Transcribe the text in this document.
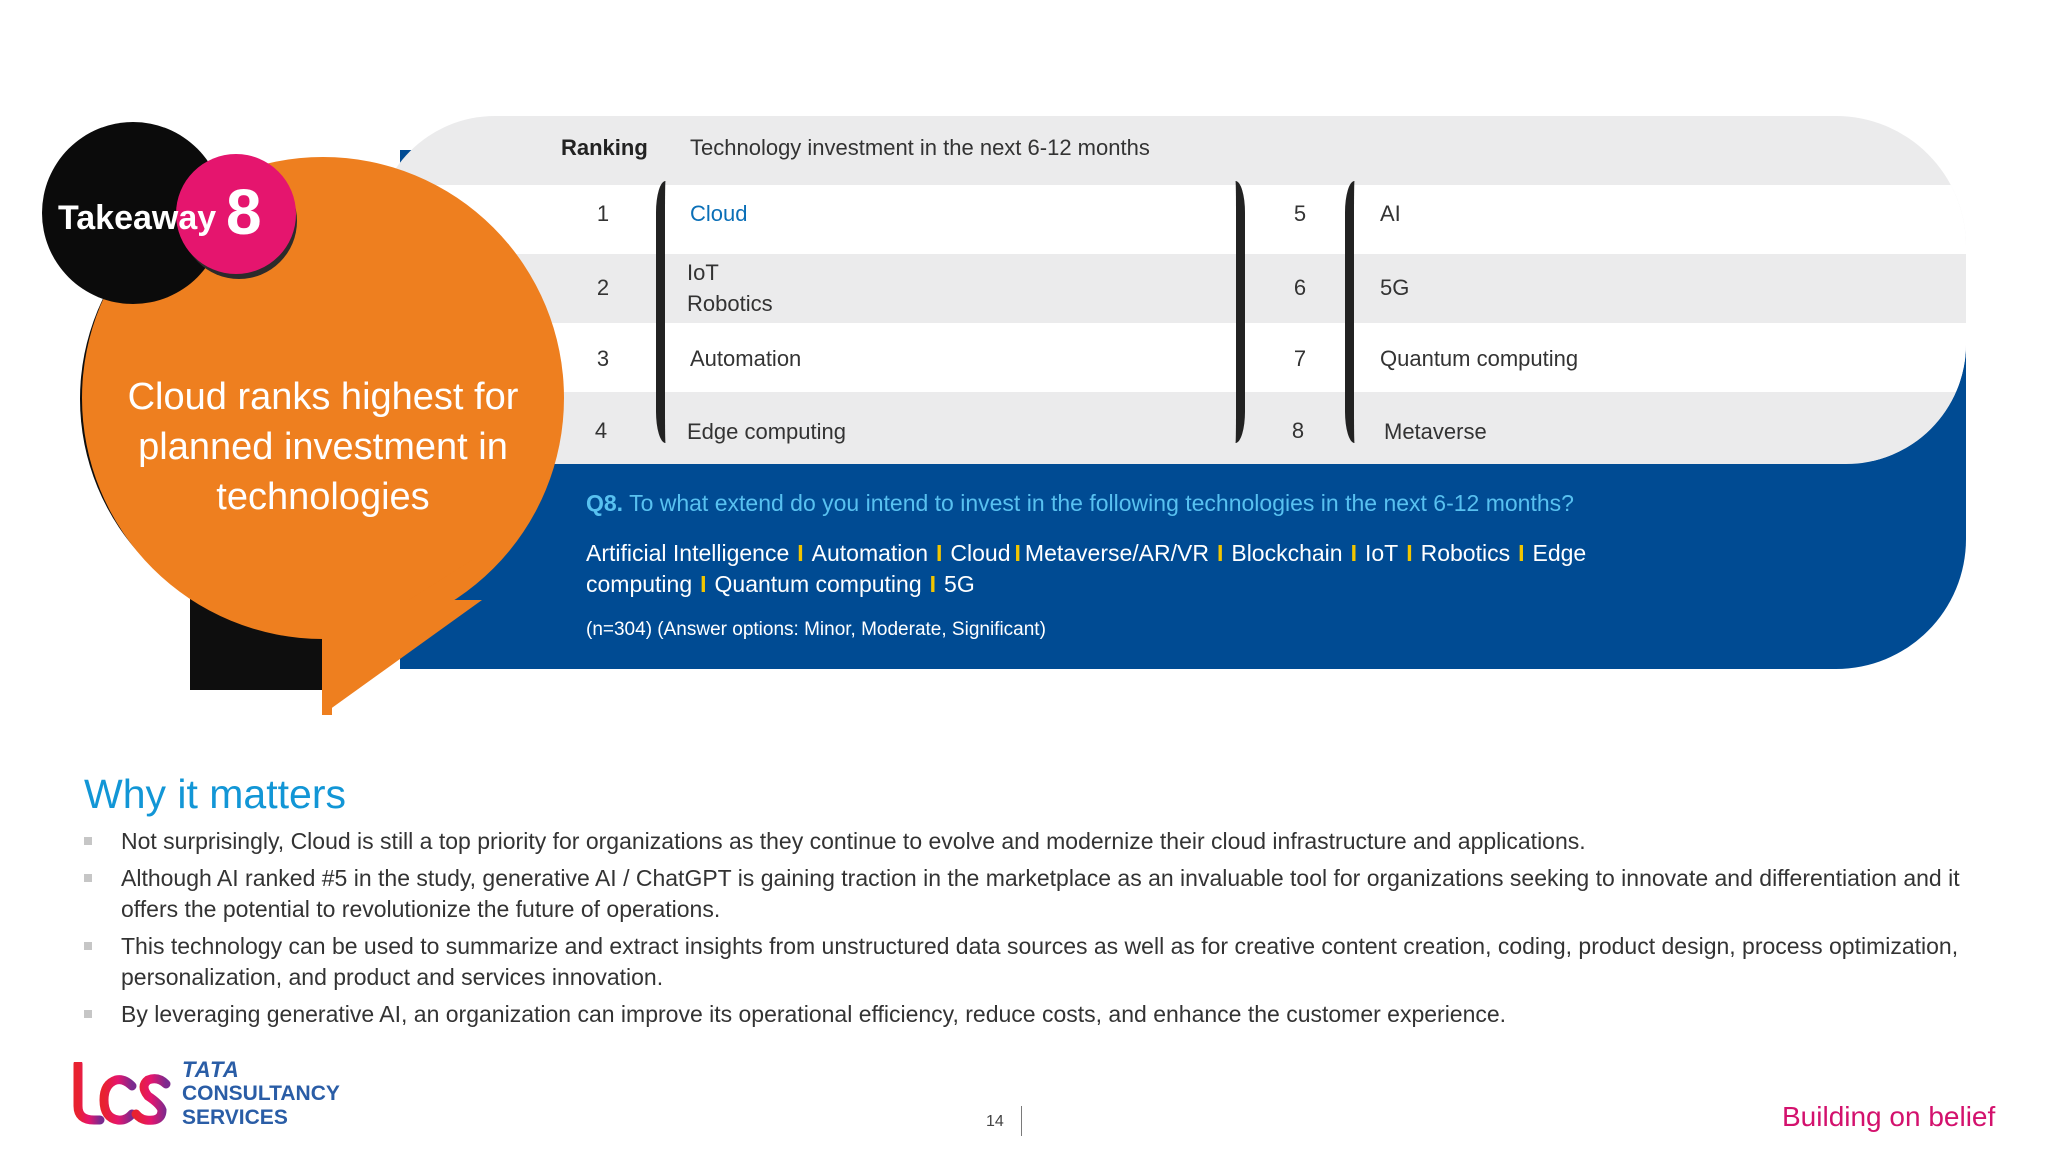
Ranking Technology investment in the next 6-12 months
1
2
3
4
Cloud
IoT
Robotics
Automation
Edge computing
5
6
7
8
AI
5G
Quantum computing
Metaverse
Q8. To what extend do you intend to invest in the following technologies in the next 6-12 months?
Artificial Intelligence I Automation I Cloud I Metaverse/AR/VR I Blockchain I IoT I Robotics I Edge computing I Quantum computing I 5G
(n=304) (Answer options: Minor, Moderate, Significant)
Cloud ranks highest for
planned investment in
technologies
Takeaway 8
Why it matters
Not surprisingly, Cloud is still a top priority for organizations as they continue to evolve and modernize their cloud infrastructure and applications.
Although AI ranked #5 in the study, generative AI / ChatGPT is gaining traction in the marketplace as an invaluable tool for organizations seeking to innovate and differentiation and it offers the potential to revolutionize the future of operations.
This technology can be used to summarize and extract insights from unstructured data sources as well as for creative content creation, coding, product design, process optimization, personalization, and product and services innovation.
By leveraging generative AI, an organization can improve its operational efficiency, reduce costs, and enhance the customer experience.
TATA
CONSULTANCY
SERVICES	14	Building on belief
